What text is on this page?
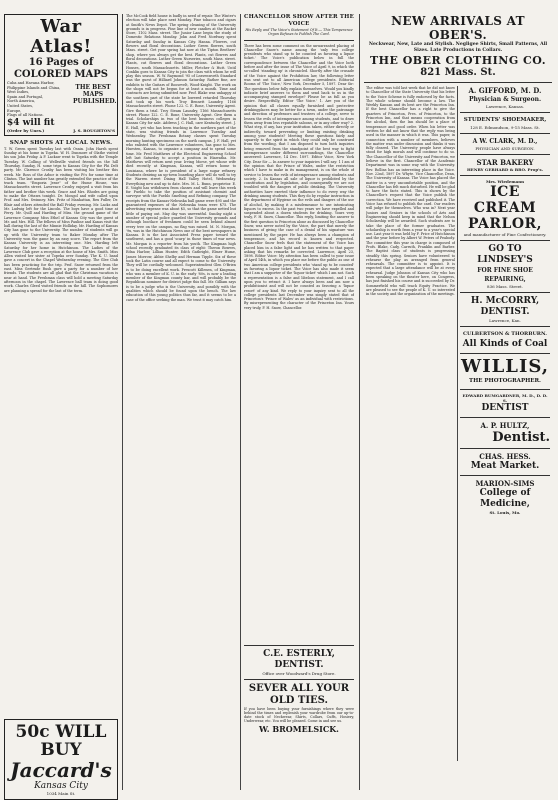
War Atlas!
16 Pages of COLORED MAPS
Cuba and Havana Harbor,
Philippine Islands and China,
West Indies,
Spain and Portugal,
North America,
United States,
Europe,
Flags of all Nations.
THE BEST MAPS PUBLISHED.
$4 will fit
(Order by Unes.)	J. S. BOUGHTON'S
SNAP SHOTS AT LOCAL NEWS.

T. W. Green spent Tuesday last with Osnin. John Harsh spent Sunday at his home in Topeka. W. H. Dunmore of Olathe visited his son John Friday. A F. Lackaw went to Topeka with the Temple Tuesday. W. Colling of Wellsville visited friends on the hill Thursday. Sunday, H. some trips to Kansas City for the Phi Delt party. Mr. Clarence Crosby has been visiting his brother this week. Mr. Ross of the Arbor is visiting the Pi's for some time at Clinton. The last number has greatly extended the practice of the track team. "Emporia Jesse" of the Hume House, was Massachusetts street. Lawrence Crosby enjoyed a visit from his father and brother this week. Grace and Mrs. Rhodes are going to make the Ottawa tonight. Dr. Mongol and wife called upon Prof. and Mrs. Swinney. Mrs. Fritz of Manhattan, Rex Fuller, Dr. Blair and others attended the Ball Friday evening. Mr. Lacks and Mr. Ludwig left for the Lincoln. The boys have a good time at Ferry. Mr. Quill and Harding of Miss. the ground game of the Lawrence Company. Miss Ethel of Kansas City was the guest of Mr. and Mrs. Hill. The fellows of Miss Pauline and Kanas visit the hall during the last of the Minnie Holliday. Mr. Harding of Kansas City has gone to the University. The number of students will go up with the University team to Baker Monday after The University won the game by an easy score. The report from the Kansas University is an interesting one. Mrs. Harding left Saturday for her home in Hutchinson. The Ladies of the Lawrence Club gave a reception at the house of Mrs. Smith. Miss Allen visited her sister at Topeka over Sunday. The K. U. band gave a concert in the Chapel Wednesday evening. The Glee Club has been practicing for the trip. Prof. Snow returned from the east. Miss Gertrude Rush gave a party for a number of her friends. The students are all glad that the Christmas vacation is near at hand. The Freshman class will hold a meeting Saturday afternoon in the chapel. The Lawrence ball team is doing good work. Charles Gleed visited friends on the hill. The Sophomores are planning a spread for the last of the term.

50c WILL BUY
Jaccard's
Kansas City
1034 Main St.

The McCook field house is badly in need of repair. The Winter's election will take place next Monday. Fine tobacco and cigars at Smith's News Depot. The spring cleaning of the University grounds is in progress. Fine line of new candies at the Racket Store, 1102 Mass. street. The Junior Lane begin the study of Domestic Relations Monday. John and Fred Nordway spent Saturday and Sunday in Kansas City. Hanna. Flowers, cut flowers and floral decorations. Luther Green flowers, south Mass. street. Get your spring hat now at the Tipton Brothers' shop, where you always get the best. Plants, cut flowers and floral decorations. Luther Green Nurseries, south Mass. street. Plants, cut flowers and floral decorations. Luther Green Houses, south Massachusetts. Miller, Fletcher & Hutt. Until Conklin goes to Kansas City to join the class with whom he will play this season. W. W. Raymond '95 of Leavenworth Standard was the guest of Hilliard Johnson Saturday. Rather fine, are exhibits to the Guitars of Roosevelt, Wood-Knight. The work on the shops will not be begun for at least a month. Time and contracts are being submitted now. Prof. Blake was unhappy at the southern part of the state he lowered retarded Thursday and took up his work. Troy Bennett Laundry, 1166 Massachusetts street. Phone 122. C. E. Rone, University Agent. Give them a trial. Troy Steam Laundry, 1166 Massachusetts street. Phone 122. C. E. Rone, University Agent. Give them a trial. Scholarships in two of the best business colleges in Kansas City for sale. Address J. C. Hall, care Kentucky street. J. E. Hall, yet who has been teaching in the northern part of the state, was visiting friends in Lawrence Tuesday and Wednesday. The Freshman Botany classes spent Tuesday morning hunting specimens on the north campus. J. F. Hall, yet who enlisted with the Lawrence volunteers, has gone to Mrs. Huesten, Kansas, to organize a company and to spend some time. Mr. Fred Matthews of the Electrical Engineering School left last Saturday to accept a position in Hiawatha. Mr. Matthews will return next year. Irving Morse, yet whose wife died recently at Kingman, Kansas, will return home to Louisiana, where he is president of a large sugar refinery. Students desiring an up-town boarding place will do well to try the Warren street Dining Hall Valley Hotel, Wednesday. Everything new and up to date. Mrs. M. L. Bunn, proprietor. E. E. Voight has withdrawn from classes and will leave this week for Pueblo to take the position of assistant chemist and surveyor with the Pueblo Smelting and Refining company. The receipts from the Kansas-Nebraska ball game were $95 and the guaranteed expenses of the Nebraska team were $75. The advertising expense was about $5, so that the game netted but little of paying out. May day was uneventful. Sunday night a number of special police guarded the University grounds and although bootlace of freshmen could be seen behind almost every tree on the campus, no flag was raised. M. N. Morgan, '9x, was in the Hutchinson News one of the best newspapers in Kansas. It is the last Associated Press paper toward the southwest, and has a good 'scarp' in those times of war news. Mr. Morgan is a reporter from his youth. The Kingman high school recently graduated its class of eight: Theron Bowers, Edna Harlow, Lillian Hunter, Edith Gatbright, Elmer Hume, James Morrow, Abbie Shelby and Herman Tipple. Six of these took the Latin course and all expect to come to the University. They will be cordially welcomed. Superintendent Glen O'Brien is to be doing excellent work. Prescott Killenen, of Kingman, who was a member of K. U. in the early '80s, is now a leading member of the Kingman county bar, and will probably be the Republican nominee for district judge this fall. Mr. Gilliam says is to be a judge who is the University, and possibly with the qualities which should be found upon the bench. The law education of this young politics thus far, and it seems to be a case of the office seeking the man. We trust it may catch him.

CHANCELLOR SHOW AFTER THE VOICE
His Reply and The Voice's Statement Of It.— This Temperance Organ Refuses to Publish The Card.

There has been some comment on the unwarranted placing of Chancellor Snow's name among the 'only two college presidents who stand up to be counted as favoring a liquor ticket.' The Voice's publication below in full the correspondence between the Chancellor and the Voice both before and after the issue of The Voice of April 9, in which the so-called 'standing up' is chronicled. Shortly after the crusade of the Voice against the Prohibition law, the following letter was sent out to all American college presidents. Editorial Rooms of 'The Voice,' New York, December 5, 1897. Dear Sir: The questions below fully explain themselves. Would you kindly indicate brief answers to them and send back to us in the accompanying stamped envelope? Please be as full as you desire. Respectfully, Editor 'The Voice.' 1. Are you of the opinion that all classes equally furnished and protective drinkingplaces may be better for a town, under the patronage and direction of professors and trustees of a college, serve to lessen the evils of intemperance among students, and to draw them away from less reputable saloons, or in any other way? 2. What step, if any, has your institution taken, either directly or indirectly, toward preventing or limiting existing drinking among your students? Meeting these questions fairly and squarely to the spirit in which they could only be construed from the wording, that I am disposed to turn both inquiries being removed from the standpoint of the best way to fight intemperance under different surroundings, the Chancellor answered: Lawrence, 14 Dec. 1897. Editor Voice, New York City. Dear Sir — In answer to your inquiries I will say: 1 I am of the opinion that the Prince of Wales, under the restriction which I have to make in its management, is on the whole of service to lessen the evils of intemperance among students and society. 2. In Kansas all sale of liquor is prohibited by the constitution and by legislation, and consequently we are not troubled with the dangers of public drinking. The University authorities have exerted their influence to do every way the drinking among students. This they do by regular instruction in the department of Hygiene on the evils and dangers of the use of alcohol, by making it a misdemeanor to use intoxicating liquors to excess. In the past two years we have expelled and suspended about a dozen students for drinking. Yours very truly, F. H. Snow, Chancellor. This reply, limiting the answer to the first question to Princeton alone as discussed by Chancellor Snow, was never noted by the Voice, the part that merely the business of giving the case of a denial of his signature was mentioned by the paper. He has always been a champion of temperance, and his record is known and respected. Chancellor Snow feels that the statement of the Voice has placed him in a false light and he has written to that paper asking that his remarks be corrected. Lawrence, April 23, 1898. Editor Voice: My attention has been called to your issue of April 14th, in which you place me before the public as one of two American college presidents who 'stand up to be counted' as favoring a liquor ticket. The Voice has also made it seem that I am a supporter of the 'liquor ticket' which I am not. Such a representation is a false and libelous statement, and I call upon you to retract it. I have always been and am now a prohibitionist and will not be counted as favoring a 'liquor resort' of any kind. We reply to your inquiry sent to all the college presidents last December was simply stated that of Princeton's 'Prince of Wales' as an individual with restrictions. By misrepresenting the character of the Princeton Inn. Yours very truly, F. H. Snow, Chancellor.

C.E. ESTERLY, DENTIST.
Office over Woodward's Drug Store.
SEVER ALL YOUR OLD TIES.

If you have been buying your furnishings where they were behind the times and replenish your wardrobe from our up-to-date stock of Neckwear, Shirts, Collars, Cuffs, Hosiery, Underwear, etc. You will be pleased. Come in and see us.

W. BROMELSICK.
NEW ARRIVALS AT OBER'S.
Neckwear, New, Late and Stylish. Negligee Shirts, Small Patterns, All Sizes. Late Productions in Collars.
THE OBER CLOTHING CO.
821 Mass. St.

The editor was told last week that he did not know to Chancellor of the State University that his letter to the Voice Scheme is fully endorsed by the facts. The whole scheme should become a law. The Weekly Kansan and its best are the Princeton Inn. If the best Chancellor has a right to give the quarters of Princeton, Pres. of Princeton, to the Princeton Inn, and that means cooperation from the alcohol, then the Inn should be a place of temperance and good order. When his letter was written he did not know that the reply was being used in the manner in which it was. This paper, in connection with a number of members, believes the matter was under discussion and thinks it was fully cleared. The University people have always stood for high morals and will continue to do so. The Chancellor of the University and Princeton, we believe in the first. Chancellor of the Academic Department was in some way with the University. Rev. Rollins has an interesting place in the Voice. Nov. 22nd, 1897 Dr. Whyte. Vice Chancellor, Dean, The University of Kansas. The Voice has placed the matter in a very uncomfortable position, and the Chancellor has felt much disturbed. He will be glad to have the facts stated. This is shown by the Chancellor's request that the Voice publish the correction. We have received and published it. The Voice has refused to publish the card. Our readers will judge for themselves. Who was in? Next year Juniors and Seniors in the schools of Arts and Engineering should keep in mind that the Nelson Scholarship will be awarded. Such students are to take the place of the former graduates. The scholarship is worth from a year to a year's special use. Last year it was held by F. Price of Hutchinson and the year before by Albert W. Peters of Peabody. The committee this year in charge is composed of Profs. Blake, Cady, Carruth, Franklin and Barber. The Baptist class of students is progressing steadily this spring. Seniors have volunteered to rehearse the play as arranged from general rehearsals. The committee is to appoint. It is expected that a large attendance will be at every rehearsal. Judge Johnson of Kansas City who has been speaking on the theater here, on Congress, has just finished his course and is succeeded by Dr. Sommerfield who will teach Equity Practice. We are pleased to see the people of K. U. so interested in the society and the organization of the meetings.

A. GIFFORD, M. D.
Physician & Surgeon.
Lawrence, Kansas.
STUDENTS' SHOEMAKER,
128 E. Edmondson, 9-15 Mass. St.
A W. CLARK, M. D.,
PHYSICIAN AND SURGEON.
STAR BAKERY
HENRY GERHARD & BRO. Prop's.
Mrs. Wiedemann
ICE CREAM
PARLOR,
and manufacturer of Fine Confectionery.
GO TO LINDSEY'S
FOR FINE SHOE REPAIRING,
836 Mass. Street.
H. McCORRY, DENTIST.
Lawrence, Kan.
CULBERTSON & THORBURN.
All Kinds of Coal
WILLIS,
THE PHOTOGRAPHER.
EDWARD BUMGARDNER, M. D., D. D. S.
DENTIST
A. P. HULTZ,
Dentist.
CHAS. HESS.
Meat Market.
MARION-SIMS
College of Medicine,
St. Louis, Mo.
